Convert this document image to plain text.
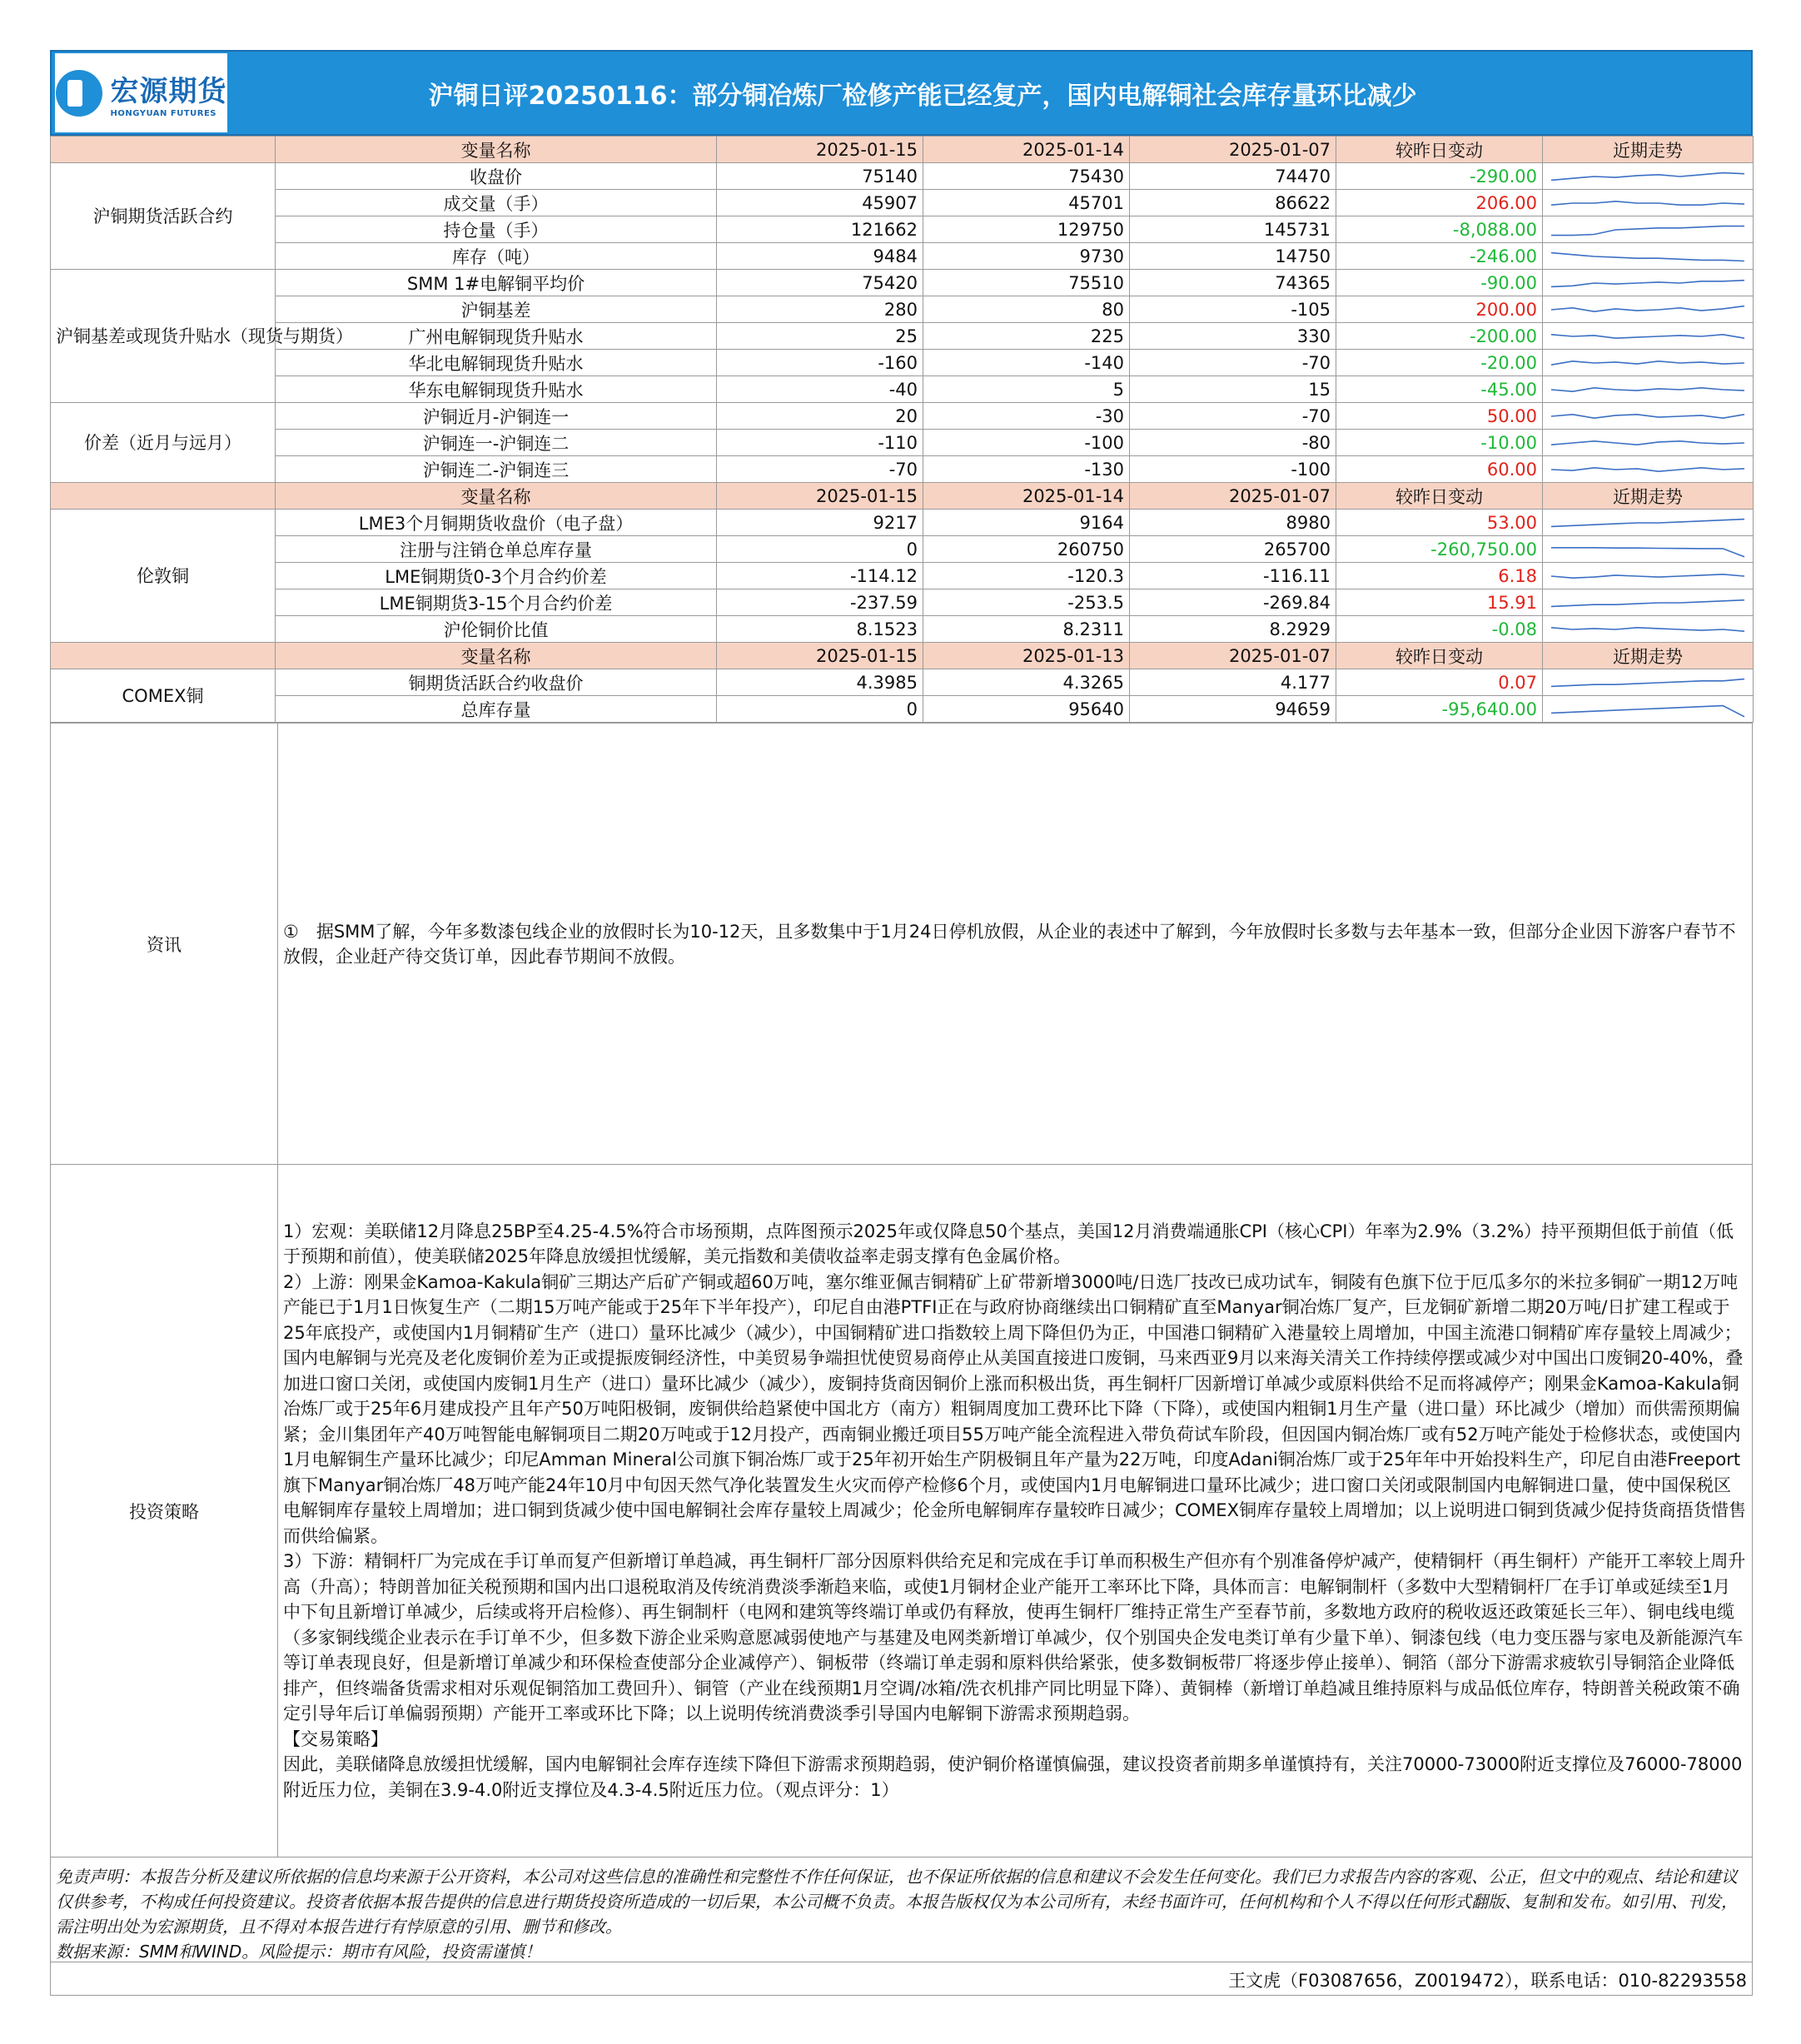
宏源期货
HONGYUAN FUTURES
沪铜日评20250116：部分铜冶炼厂检修产能已经复产，国内电解铜社会库存量环比减少
	变量名称	2025-01-15	2025-01-14	2025-01-07	较昨日变动	近期走势
沪铜期货活跃合约	收盘价	75140	75430	74470	-290.00	

	成交量（手）	45907	45701	86622	206.00	

	持仓量（手）	121662	129750	145731	-8,088.00	

	库存（吨）	9484	9730	14750	-246.00	

沪铜基差或现货升贴水（现货与期货）	SMM 1#电解铜平均价	75420	75510	74365	-90.00	

	沪铜基差	280	80	-105	200.00	

	广州电解铜现货升贴水	25	225	330	-200.00	

	华北电解铜现货升贴水	-160	-140	-70	-20.00	

	华东电解铜现货升贴水	-40	5	15	-45.00	

价差（近月与远月）	沪铜近月-沪铜连一	20	-30	-70	50.00	

	沪铜连一-沪铜连二	-110	-100	-80	-10.00	

	沪铜连二-沪铜连三	-70	-130	-100	60.00	

	变量名称	2025-01-15	2025-01-14	2025-01-07	较昨日变动	近期走势
伦敦铜	LME3个月铜期货收盘价（电子盘）	9217	9164	8980	53.00	

	注册与注销仓单总库存量	0	260750	265700	-260,750.00	

	LME铜期货0-3个月合约价差	-114.12	-120.3	-116.11	6.18	

	LME铜期货3-15个月合约价差	-237.59	-253.5	-269.84	15.91	

	沪伦铜价比值	8.1523	8.2311	8.2929	-0.08	

	变量名称	2025-01-15	2025-01-13	2025-01-07	较昨日变动	近期走势
COMEX铜	铜期货活跃合约收盘价	4.3985	4.3265	4.177	0.07	

	总库存量	0	95640	94659	-95,640.00	
资讯	①　据SMM了解，今年多数漆包线企业的放假时长为10-12天，且多数集中于1月24日停机放假，从企业的表述中了解到，今年放假时长多数与去年基本一致，但部分企业因下游客户春节不放假，企业赶产待交货订单，因此春节期间不放假。
投资策略	1）宏观：美联储12月降息25BP至4.25-4.5%符合市场预期，点阵图预示2025年或仅降息50个基点，美国12月消费端通胀CPI（核心CPI）年率为2.9%（3.2%）持平预期但低于前值（低于预期和前值），使美联储2025年降息放缓担忧缓解，美元指数和美债收益率走弱支撑有色金属价格。

2）上游：刚果金Kamoa-Kakula铜矿三期达产后矿产铜或超60万吨，塞尔维亚佩吉铜精矿上矿带新增3000吨/日选厂技改已成功试车，铜陵有色旗下位于厄瓜多尔的米拉多铜矿一期12万吨产能已于1月1日恢复生产（二期15万吨产能或于25年下半年投产），印尼自由港PTFI正在与政府协商继续出口铜精矿直至Manyar铜冶炼厂复产，巨龙铜矿新增二期20万吨/日扩建工程或于25年底投产，或使国内1月铜精矿生产（进口）量环比减少（减少），中国铜精矿进口指数较上周下降但仍为正，中国港口铜精矿入港量较上周增加，中国主流港口铜精矿库存量较上周减少；国内电解铜与光亮及老化废铜价差为正或提振废铜经济性，中美贸易争端担忧使贸易商停止从美国直接进口废铜，马来西亚9月以来海关清关工作持续停摆或减少对中国出口废铜20-40%，叠加进口窗口关闭，或使国内废铜1月生产（进口）量环比减少（减少），废铜持货商因铜价上涨而积极出货，再生铜杆厂因新增订单减少或原料供给不足而将减停产；刚果金Kamoa-Kakula铜冶炼厂或于25年6月建成投产且年产50万吨阳极铜，废铜供给趋紧使中国北方（南方）粗铜周度加工费环比下降（下降），或使国内粗铜1月生产量（进口量）环比减少（增加）而供需预期偏紧；金川集团年产40万吨智能电解铜项目二期20万吨或于12月投产，西南铜业搬迁项目55万吨产能全流程进入带负荷试车阶段，但因国内铜冶炼厂或有52万吨产能处于检修状态，或使国内1月电解铜生产量环比减少；印尼Amman Mineral公司旗下铜冶炼厂或于25年初开始生产阴极铜且年产量为22万吨，印度Adani铜冶炼厂或于25年年中开始投料生产，印尼自由港Freeport旗下Manyar铜冶炼厂48万吨产能24年10月中旬因天然气净化装置发生火灾而停产检修6个月，或使国内1月电解铜进口量环比减少；进口窗口关闭或限制国内电解铜进口量，使中国保税区电解铜库存量较上周增加；进口铜到货减少使中国电解铜社会库存量较上周减少；伦金所电解铜库存量较昨日减少；COMEX铜库存量较上周增加；以上说明进口铜到货减少促持货商捂货惜售而供给偏紧。

3）下游：精铜杆厂为完成在手订单而复产但新增订单趋减，再生铜杆厂部分因原料供给充足和完成在手订单而积极生产但亦有个别准备停炉减产，使精铜杆（再生铜杆）产能开工率较上周升高（升高）；特朗普加征关税预期和国内出口退税取消及传统消费淡季渐趋来临，或使1月铜材企业产能开工率环比下降，具体而言：电解铜制杆（多数中大型精铜杆厂在手订单或延续至1月中下旬且新增订单减少，后续或将开启检修）、再生铜制杆（电网和建筑等终端订单或仍有释放，使再生铜杆厂维持正常生产至春节前，多数地方政府的税收返还政策延长三年）、铜电线电缆（多家铜线缆企业表示在手订单不少，但多数下游企业采购意愿减弱使地产与基建及电网类新增订单减少，仅个别国央企发电类订单有少量下单）、铜漆包线（电力变压器与家电及新能源汽车等订单表现良好，但是新增订单减少和环保检查使部分企业减停产）、铜板带（终端订单走弱和原料供给紧张，使多数铜板带厂将逐步停止接单）、铜箔（部分下游需求疲软引导铜箔企业降低排产，但终端备货需求相对乐观促铜箔加工费回升）、铜管（产业在线预期1月空调/冰箱/洗衣机排产同比明显下降）、黄铜棒（新增订单趋减且维持原料与成品低位库存，特朗普关税政策不确定引导年后订单偏弱预期）产能开工率或环比下降；以上说明传统消费淡季引导国内电解铜下游需求预期趋弱。

【交易策略】

因此，美联储降息放缓担忧缓解，国内电解铜社会库存连续下降但下游需求预期趋弱，使沪铜价格谨慎偏强，建议投资者前期多单谨慎持有，关注70000-73000附近支撑位及76000-78000附近压力位，美铜在3.9-4.0附近支撑位及4.3-4.5附近压力位。（观点评分：1）

免责声明：本报告分析及建议所依据的信息均来源于公开资料，本公司对这些信息的准确性和完整性不作任何保证，也不保证所依据的信息和建议不会发生任何变化。我们已力求报告内容的客观、公正，但文中的观点、结论和建议仅供参考，不构成任何投资建议。投资者依据本报告提供的信息进行期货投资所造成的一切后果，本公司概不负责。本报告版权仅为本公司所有，未经书面许可，任何机构和个人不得以任何形式翻版、复制和发布。如引用、刊发，需注明出处为宏源期货，且不得对本报告进行有悖原意的引用、删节和修改。
数据来源：SMM和WIND。风险提示：期市有风险，投资需谨慎！
王文虎（F03087656，Z0019472），联系电话：010-82293558
